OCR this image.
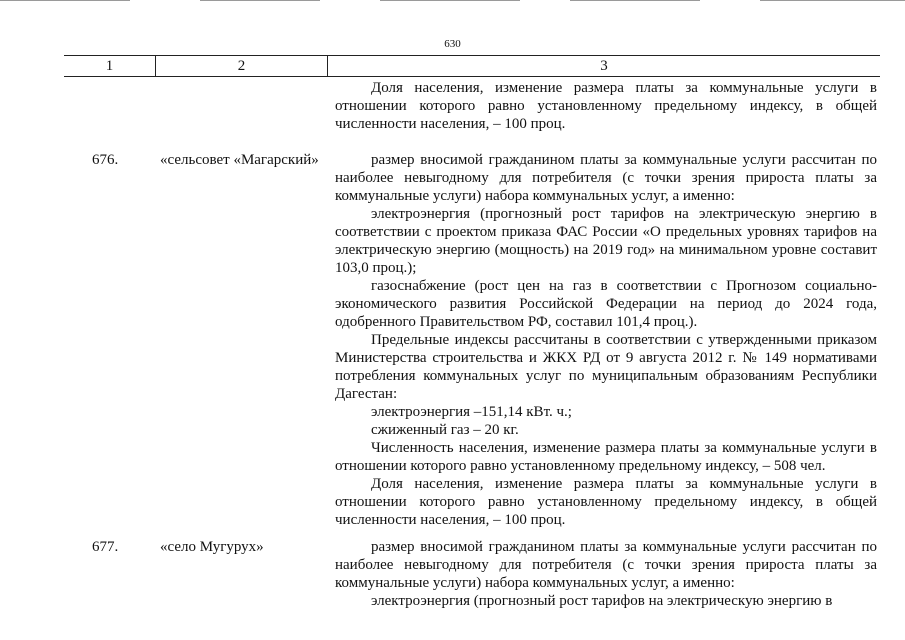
630
1	2	3

Доля населения, изменение размера платы за коммунальные услуги в отношении которого равно установленному предельному индексу, в общей численности населения, – 100 проц.

676.	«сельсовет «Магарский»	размер вносимой гражданином платы за коммунальные услуги рассчитан по наиболее невыгодному для потребителя (с точки зрения прироста платы за коммунальные услуги) набора коммунальных услуг, а именно:

электроэнергия (прогнозный рост тарифов на электрическую энергию в соответствии с проектом приказа ФАС России «О предельных уровнях тарифов на электрическую энергию (мощность) на 2019 год» на минимальном уровне составит 103,0 проц.);

газоснабжение (рост цен на газ в соответствии с Прогнозом социально-экономического развития Российской Федерации на период до 2024 года, одобренного Правительством РФ, составил 101,4 проц.).

Предельные индексы рассчитаны в соответствии с утвержденными приказом Министерства строительства и ЖКХ РД от 9 августа 2012 г. № 149 нормативами потребления коммунальных услуг по муниципальным образованиям Республики Дагестан:

электроэнергия –151,14 кВт. ч.;

сжиженный газ – 20 кг.

Численность населения, изменение размера платы за коммунальные услуги в отношении которого равно установленному предельному индексу, – 508 чел.

Доля населения, изменение размера платы за коммунальные услуги в отношении которого равно установленному предельному индексу, в общей численности населения, – 100 проц.

677.	«село Мугурух»	размер вносимой гражданином платы за коммунальные услуги рассчитан по наиболее невыгодному для потребителя (с точки зрения прироста платы за коммунальные услуги) набора коммунальных услуг, а именно:

электроэнергия (прогнозный рост тарифов на электрическую энергию в
